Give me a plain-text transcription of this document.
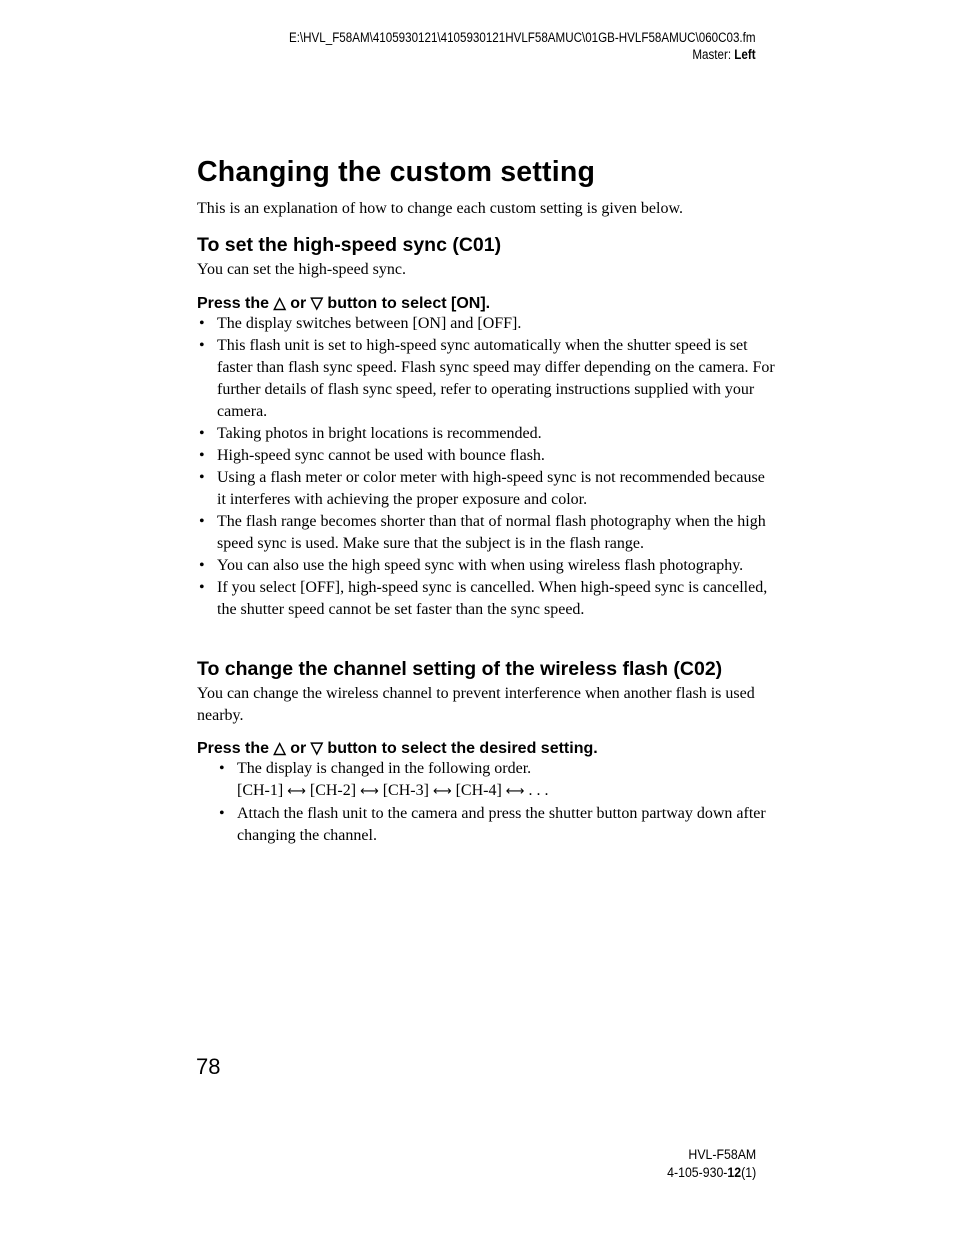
E:\HVL_F58AM\4105930121\4105930121HVLF58AMUC\01GB-HVLF58AMUC\060C03.fm
Master: Left
Changing the custom setting
This is an explanation of how to change each custom setting is given below.
To set the high-speed sync (C01)
You can set the high-speed sync.
Press the △ or ▽ button to select [ON].
• The display switches between [ON] and [OFF].
• This flash unit is set to high-speed sync automatically when the shutter speed is set faster than flash sync speed. Flash sync speed may differ depending on the camera. For further details of flash sync speed, refer to operating instructions supplied with your camera.
• Taking photos in bright locations is recommended.
• High-speed sync cannot be used with bounce flash.
• Using a flash meter or color meter with high-speed sync is not recommended because it interferes with achieving the proper exposure and color.
• The flash range becomes shorter than that of normal flash photography when the high speed sync is used. Make sure that the subject is in the flash range.
• You can also use the high speed sync with when using wireless flash photography.
• If you select [OFF], high-speed sync is cancelled. When high-speed sync is cancelled, the shutter speed cannot be set faster than the sync speed.
To change the channel setting of the wireless flash (C02)
You can change the wireless channel to prevent interference when another flash is used nearby.
Press the △ or ▽ button to select the desired setting.
• The display is changed in the following order.
[CH-1] ⟷ [CH-2] ⟷ [CH-3] ⟷ [CH-4] ⟷ . . .
• Attach the flash unit to the camera and press the shutter button partway down after changing the channel.
78
HVL-F58AM
4-105-930-12(1)
